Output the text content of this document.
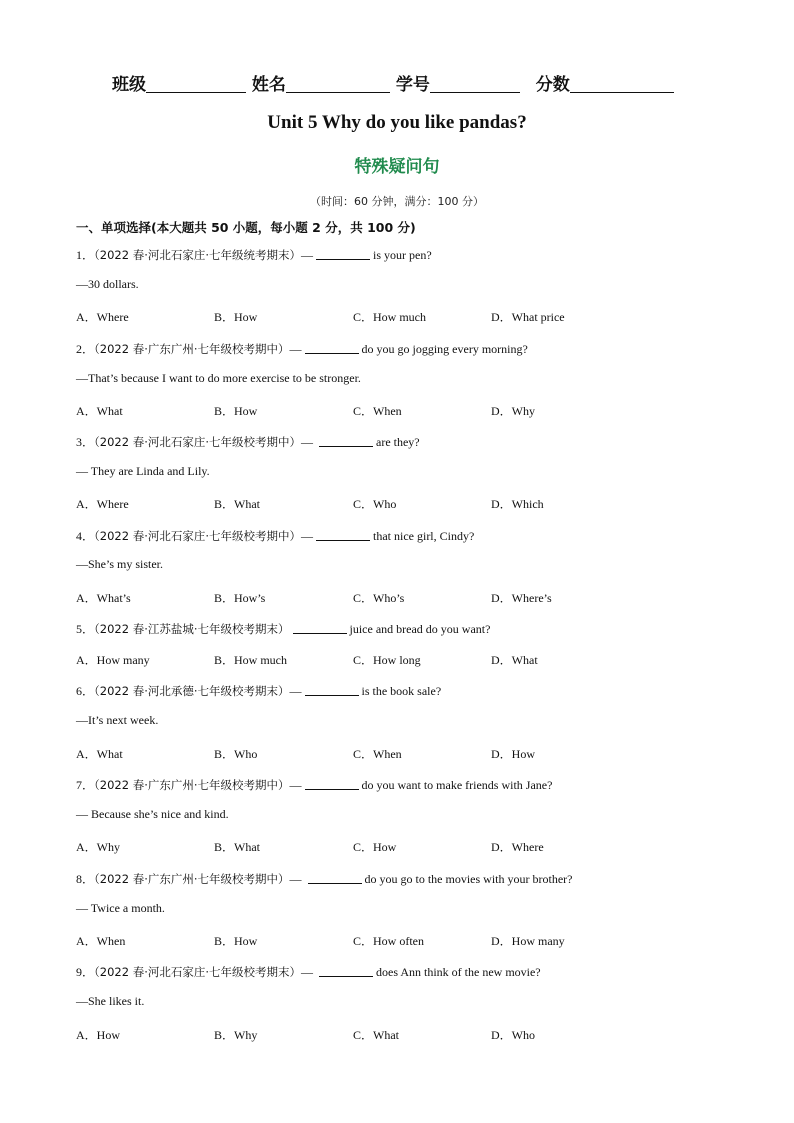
班级	姓名	学号	分数
Unit 5 Why do you like pandas?
特殊疑问句
（时间：60 分钟，满分：100 分）
一、单项选择(本大题共 50 小题，每小题 2 分，共 100 分)
1．（2022 春·河北石家庄·七年级统考期末）—	is your pen?
—30 dollars.
A．Where	B．How	C．How much	D．What price
2．（2022 春·广东广州·七年级校考期中）—	do you go jogging every morning?
—That’s because I want to do more exercise to be stronger.
A．What	B．How	C．When	D．Why
3．（2022 春·河北石家庄·七年级校考期中）—	are they?
— They are Linda and Lily.
A．Where	B．What	C．Who	D．Which
4．（2022 春·河北石家庄·七年级校考期中）—	that nice girl, Cindy?
—She’s my sister.
A．What’s	B．How’s	C．Who’s	D．Where’s
5．（2022 春·江苏盐城·七年级校考期末）	juice and bread do you want?
A．How many	B．How much	C．How long	D．What
6．（2022 春·河北承德·七年级校考期末）—	is the book sale?
—It’s next week.
A．What	B．Who	C．When	D．How
7．（2022 春·广东广州·七年级校考期中）—	do you want to make friends with Jane?
— Because she’s nice and kind.
A．Why	B．What	C．How	D．Where
8．（2022 春·广东广州·七年级校考期中）—	do you go to the movies with your brother?
— Twice a month.
A．When	B．How	C．How often	D．How many
9．（2022 春·河北石家庄·七年级校考期末）—	does Ann think of the new movie?
—She likes it.
A．How	B．Why	C．What	D．Who
